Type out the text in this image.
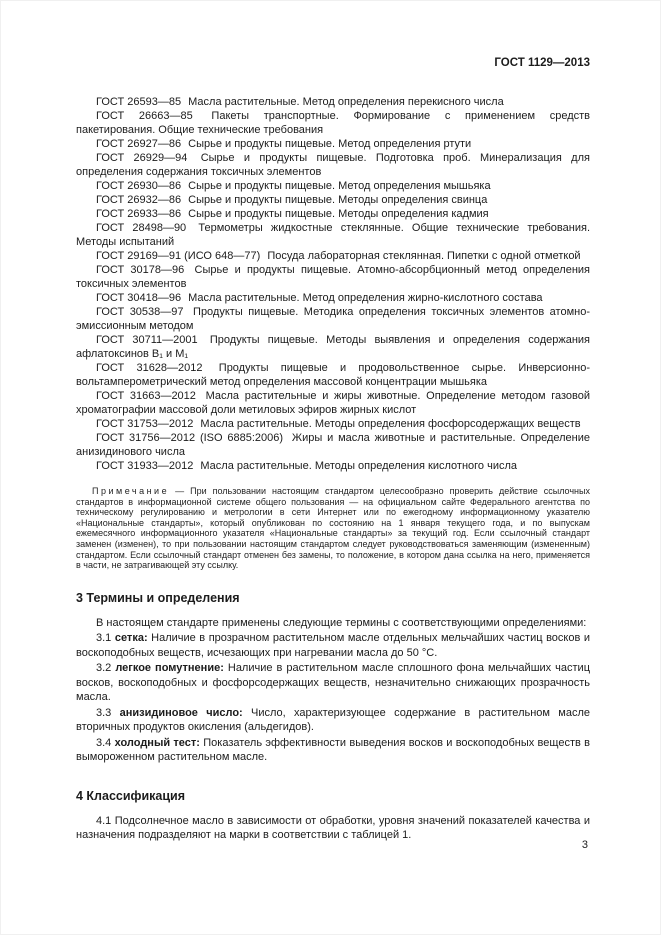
ГОСТ 1129—2013

ГОСТ 26593—85 Масла растительные. Метод определения перекисного числа

ГОСТ 26663—85 Пакеты транспортные. Формирование с применением средств пакетирования. Общие технические требования

ГОСТ 26927—86 Сырье и продукты пищевые. Метод определения ртути

ГОСТ 26929—94 Сырье и продукты пищевые. Подготовка проб. Минерализация для определения содержания токсичных элементов

ГОСТ 26930—86 Сырье и продукты пищевые. Метод определения мышьяка

ГОСТ 26932—86 Сырье и продукты пищевые. Методы определения свинца

ГОСТ 26933—86 Сырье и продукты пищевые. Методы определения кадмия

ГОСТ 28498—90 Термометры жидкостные стеклянные. Общие технические требования. Методы испытаний

ГОСТ 29169—91 (ИСО 648—77) Посуда лабораторная стеклянная. Пипетки с одной отметкой

ГОСТ 30178—96 Сырье и продукты пищевые. Атомно-абсорбционный метод определения токсичных элементов

ГОСТ 30418—96 Масла растительные. Метод определения жирно-кислотного состава

ГОСТ 30538—97 Продукты пищевые. Методика определения токсичных элементов атомно-эмиссионным методом

ГОСТ 30711—2001 Продукты пищевые. Методы выявления и определения содержания афлатоксинов В₁ и М₁

ГОСТ 31628—2012 Продукты пищевые и продовольственное сырье. Инверсионно-вольтамперометрический метод определения массовой концентрации мышьяка

ГОСТ 31663—2012 Масла растительные и жиры животные. Определение методом газовой хроматографии массовой доли метиловых эфиров жирных кислот

ГОСТ 31753—2012 Масла растительные. Методы определения фосфорсодержащих веществ

ГОСТ 31756—2012 (ISO 6885:2006) Жиры и масла животные и растительные. Определение анизидинового числа

ГОСТ 31933—2012 Масла растительные. Методы определения кислотного числа

Примечание — При пользовании настоящим стандартом целесообразно проверить действие ссылочных стандартов в информационной системе общего пользования — на официальном сайте Федерального агентства по техническому регулированию и метрологии в сети Интернет или по ежегодному информационному указателю «Национальные стандарты», который опубликован по состоянию на 1 января текущего года, и по выпускам ежемесячного информационного указателя «Национальные стандарты» за текущий год. Если ссылочный стандарт заменен (изменен), то при пользовании настоящим стандартом следует руководствоваться заменяющим (измененным) стандартом. Если ссылочный стандарт отменен без замены, то положение, в котором дана ссылка на него, применяется в части, не затрагивающей эту ссылку.

3 Термины и определения

В настоящем стандарте применены следующие термины с соответствующими определениями:

3.1 сетка: Наличие в прозрачном растительном масле отдельных мельчайших частиц восков и воскоподобных веществ, исчезающих при нагревании масла до 50 °С.

3.2 легкое помутнение: Наличие в растительном масле сплошного фона мельчайших частиц восков, воскоподобных и фосфорсодержащих веществ, незначительно снижающих прозрачность масла.

3.3 анизидиновое число: Число, характеризующее содержание в растительном масле вторичных продуктов окисления (альдегидов).

3.4 холодный тест: Показатель эффективности выведения восков и воскоподобных веществ в вымороженном растительном масле.

4 Классификация

4.1 Подсолнечное масло в зависимости от обработки, уровня значений показателей качества и назначения подразделяют на марки в соответствии с таблицей 1.

3
